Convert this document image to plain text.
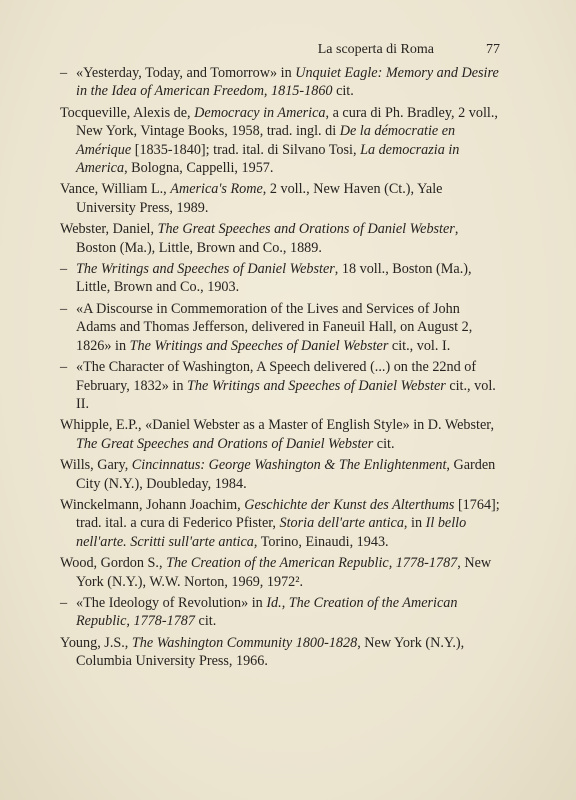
La scoperta di Roma	77
– «Yesterday, Today, and Tomorrow» in Unquiet Eagle: Memory and Desire in the Idea of American Freedom, 1815-1860 cit.

Tocqueville, Alexis de, Democracy in America, a cura di Ph. Bradley, 2 voll., New York, Vintage Books, 1958, trad. ingl. di De la démocratie en Amérique [1835-1840]; trad. ital. di Silvano Tosi, La democrazia in America, Bologna, Cappelli, 1957.

Vance, William L., America's Rome, 2 voll., New Haven (Ct.), Yale University Press, 1989.

Webster, Daniel, The Great Speeches and Orations of Daniel Webster, Boston (Ma.), Little, Brown and Co., 1889.

– The Writings and Speeches of Daniel Webster, 18 voll., Boston (Ma.), Little, Brown and Co., 1903.
– «A Discourse in Commemoration of the Lives and Services of John Adams and Thomas Jefferson, delivered in Faneuil Hall, on August 2, 1826» in The Writings and Speeches of Daniel Webster cit., vol. I.
– «The Character of Washington, A Speech delivered (...) on the 22nd of February, 1832» in The Writings and Speeches of Daniel Webster cit., vol. II.

Whipple, E.P., «Daniel Webster as a Master of English Style» in D. Webster, The Great Speeches and Orations of Daniel Webster cit.

Wills, Gary, Cincinnatus: George Washington & The Enlightenment, Garden City (N.Y.), Doubleday, 1984.

Winckelmann, Johann Joachim, Geschichte der Kunst des Alterthums [1764]; trad. ital. a cura di Federico Pfister, Storia dell'arte antica, in Il bello nell'arte. Scritti sull'arte antica, Torino, Einaudi, 1943.

Wood, Gordon S., The Creation of the American Republic, 1778-1787, New York (N.Y.), W.W. Norton, 1969, 1972².

– «The Ideology of Revolution» in Id., The Creation of the American Republic, 1778-1787 cit.

Young, J.S., The Washington Community 1800-1828, New York (N.Y.), Columbia University Press, 1966.
